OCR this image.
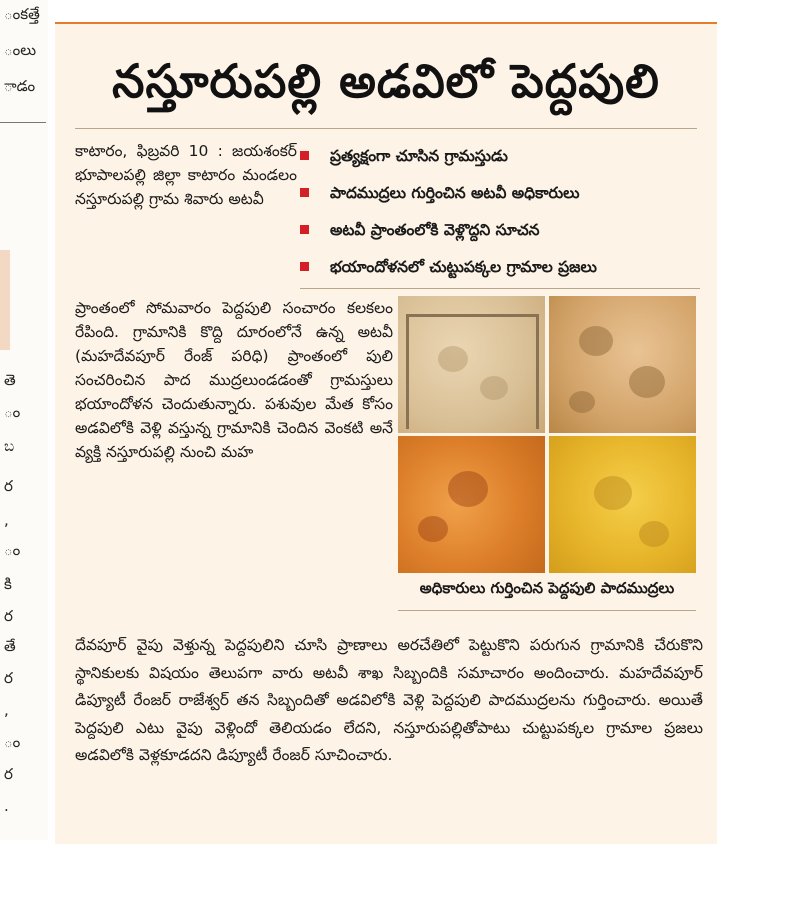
ంకత్తే
ంలు
ాడం
తె
ం
ಬ
ర
,
ం
కి
ర
తే
ర
,
ం
ర
.
నస్తూరుపల్లి అడవిలో పెద్దపులి
కాటారం, ఫిబ్రవరి 10 : జయశంకర్ భూపాలపల్లి జిల్లా కాటారం మండలం నస్తూరుపల్లి గ్రామ శివారు అటవీ
ప్రత్యక్షంగా చూసిన గ్రామస్తుడు
పాదముద్రలు గుర్తించిన అటవీ అధికారులు
అటవీ ప్రాంతంలోకి వెళ్లొద్దని సూచన
భయాందోళనలో చుట్టుపక్కల గ్రామాల ప్రజలు
ప్రాంతంలో సోమవారం పెద్దపులి సంచారం కలకలం రేపింది. గ్రామానికి కొద్ది దూరంలోనే ఉన్న అటవీ (మహదేవపూర్ రేంజ్ పరిధి) ప్రాంతంలో పులి సంచరించిన పాద ముద్రలుండడంతో గ్రామస్తులు భయాందోళన చెందుతున్నారు. పశువుల మేత కోసం అడవిలోకి వెళ్లి వస్తున్న గ్రామానికి చెందిన వెంకటి అనే వ్యక్తి నస్తూరుపల్లి నుంచి మహ
అధికారులు గుర్తించిన పెద్దపులి పాదముద్రలు
దేవపూర్ వైపు వెళ్తున్న పెద్దపులిని చూసి ప్రాణాలు అరచేతిలో పెట్టుకొని పరుగున గ్రామానికి చేరుకొని స్థానికులకు విషయం తెలుపగా వారు అటవీ శాఖ సిబ్బందికి సమాచారం అందించారు. మహదేవపూర్ డిప్యూటీ రేంజర్ రాజేశ్వర్ తన సిబ్బందితో అడవిలోకి వెళ్లి పెద్దపులి పాదముద్రలను గుర్తించారు. అయితే పెద్దపులి ఎటు వైపు వెళ్లిందో తెలియడం లేదని, నస్తూరుపల్లితోపాటు చుట్టుపక్కల గ్రామాల ప్రజలు అడవిలోకి వెళ్లకూడదని డిప్యూటీ రేంజర్ సూచించారు.
